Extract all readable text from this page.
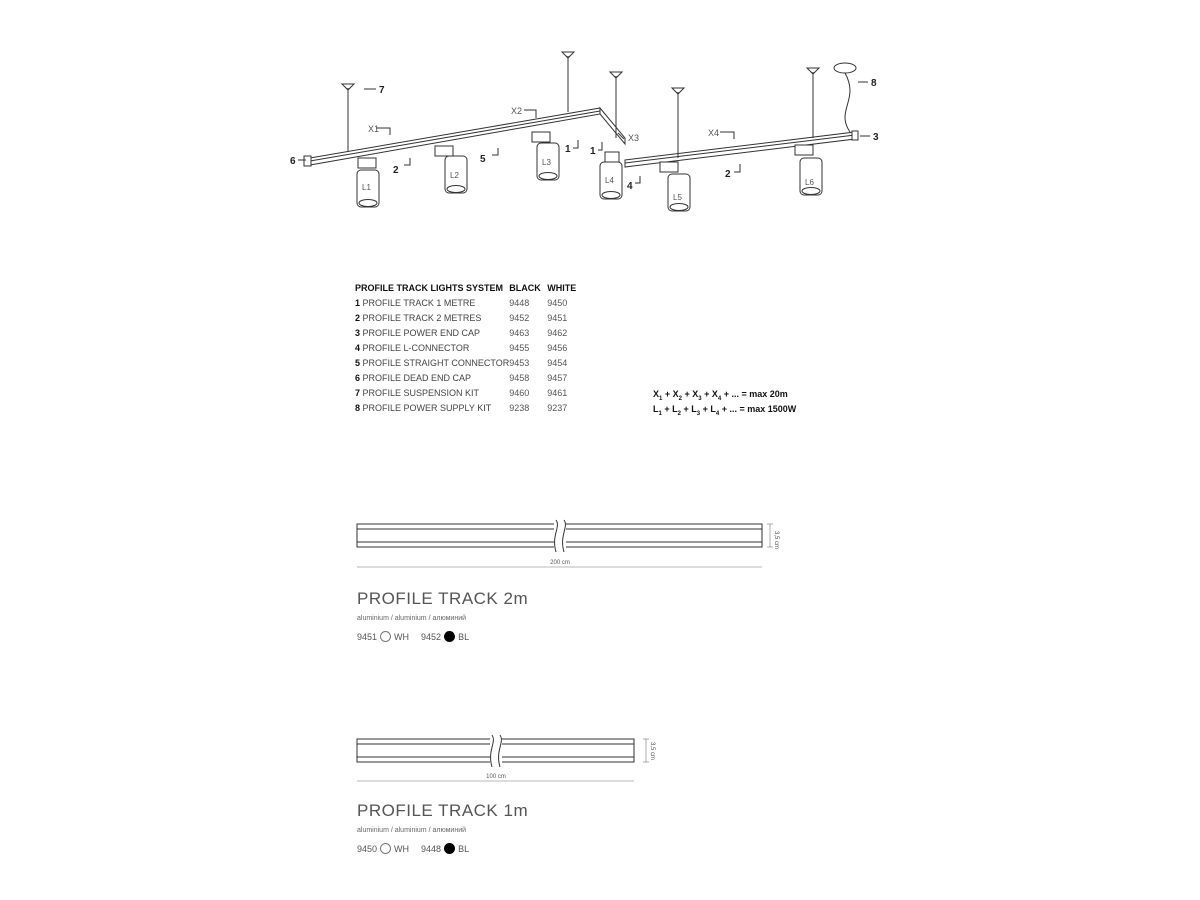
7
8
3
6
2
5
1 1
4
2
X1
X2
X3	X4
L1
L2
L3
L4
L5
L6
PROFILE TRACK LIGHTS SYSTEM	BLACK	WHITE
1 PROFILE TRACK 1 METRE	9448	9450
2 PROFILE TRACK 2 METRES	9452	9451
3 PROFILE POWER END CAP	9463	9462
4 PROFILE L-CONNECTOR	9455	9456
5 PROFILE STRAIGHT CONNECTOR	9453	9454
6 PROFILE DEAD END CAP	9458	9457
7 PROFILE SUSPENSION KIT	9460	9461
8 PROFILE POWER SUPPLY KIT	9238	9237
$X_1 + X_2 + X_3 + X_4$ + ... = max 20m
$L_1 + L_2 + L_3 + L_4$ + ... = max 1500W
3,5 cm
200 cm
PROFILE TRACK 2m
aluminium / aluminium / алюминий
9451 WH 9452 BL
3,5 cm
100 cm
PROFILE TRACK 1m
aluminium / aluminium / алюминий
9450 WH 9448 BL
